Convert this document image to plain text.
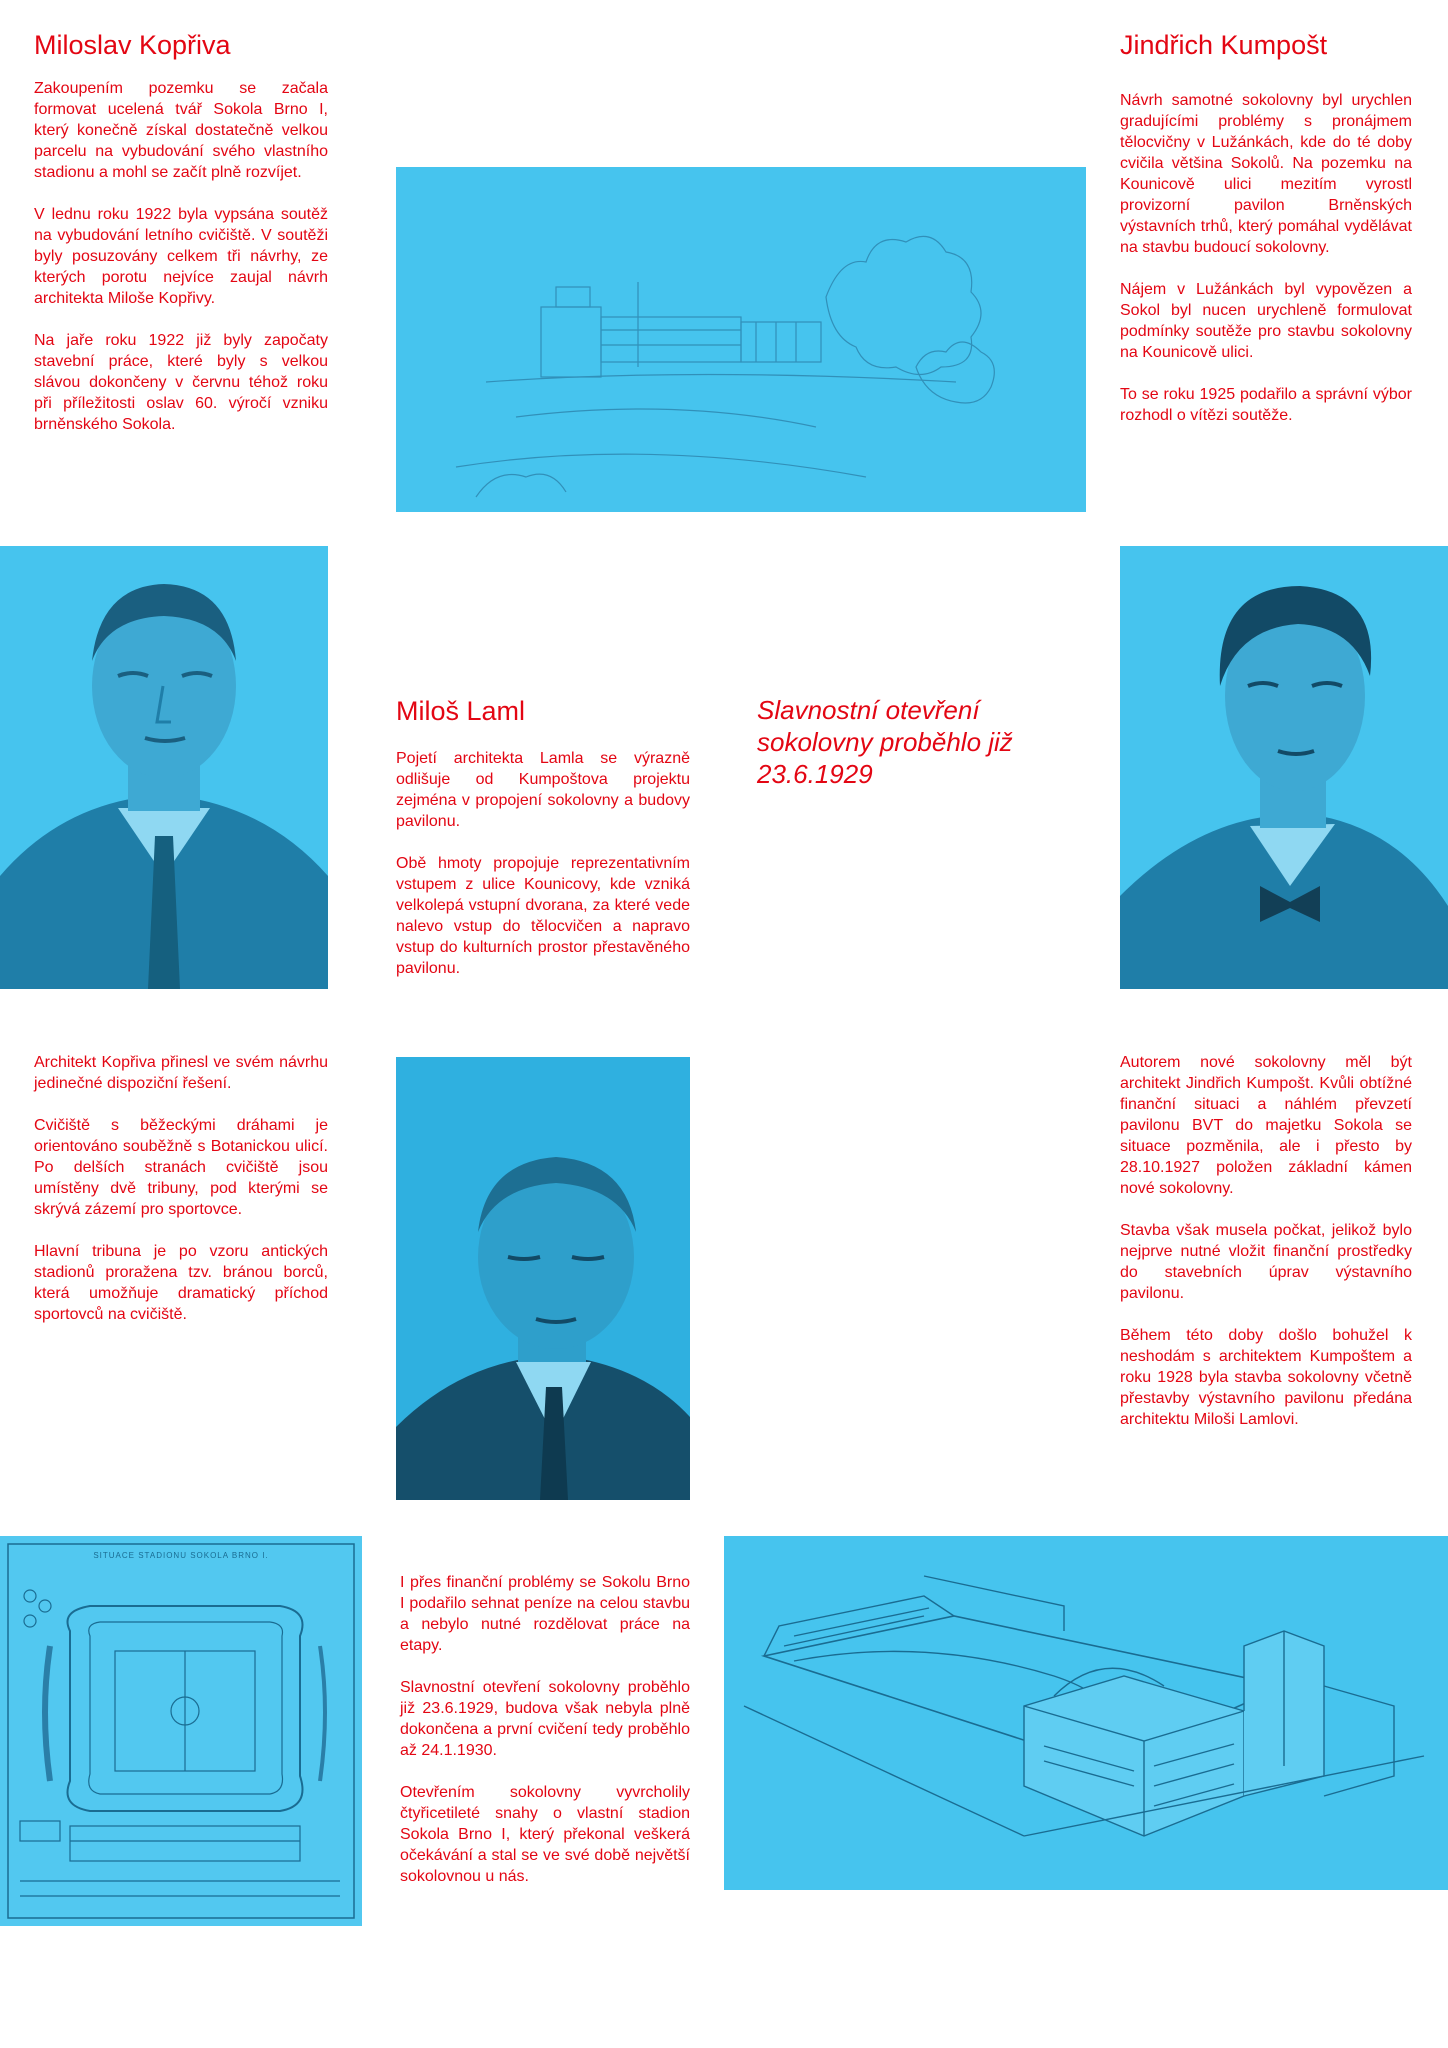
Miloslav Kopřiva

Zakoupením pozemku se začala formovat ucelená tvář Sokola Brno I, který konečně získal dostatečně velkou parcelu na vybudování svého vlastního stadionu a mohl se začít plně rozvíjet.

V lednu roku 1922 byla vypsána soutěž na vybudování letního cvičiště. V soutěži byly posuzovány celkem tři návrhy, ze kterých porotu nejvíce zaujal návrh architekta Miloše Kopřivy.

Na jaře roku 1922 již byly započaty stavební práce, které byly s velkou slávou dokončeny v červnu téhož roku při příležitosti oslav 60. výročí vzniku brněnského Sokola.

Jindřich Kumpošt

Návrh samotné sokolovny byl urychlen gradujícími problémy s pronájmem tělocvičny v Lužánkách, kde do té doby cvičila většina Sokolů. Na pozemku na Kounicově ulici mezitím vyrostl provizorní pavilon Brněnských výstavních trhů, který pomáhal vydělávat na stavbu budoucí sokolovny.

Nájem v Lužánkách byl vypovězen a Sokol byl nucen urychleně formulovat podmínky soutěže pro stavbu sokolovny na Kounicově ulici.

To se roku 1925 podařilo a správní výbor rozhodl o vítězi soutěže.

Miloš Laml

Pojetí architekta Lamla se výrazně odlišuje od Kumpoštova projektu zejména v propojení sokolovny a budovy pavilonu.

Obě hmoty propojuje reprezentativním vstupem z ulice Kounicovy, kde vzniká velkolepá vstupní dvorana, za které vede nalevo vstup do tělocvičen a napravo vstup do kulturních prostor přestavěného pavilonu.

Slavnostní otevření sokolovny proběhlo již 23.6.1929

Architekt Kopřiva přinesl ve svém návrhu jedinečné dispoziční řešení.

Cvičiště s běžeckými dráhami je orientováno souběžně s Botanickou ulicí. Po delších stranách cvičiště jsou umístěny dvě tribuny, pod kterými se skrývá zázemí pro sportovce.

Hlavní tribuna je po vzoru antických stadionů proražena tzv. bránou borců, která umožňuje dramatický příchod sportovců na cvičiště.

Autorem nové sokolovny měl být architekt Jindřich Kumpošt. Kvůli obtížné finanční situaci a náhlém převzetí pavilonu BVT do majetku Sokola se situace pozměnila, ale i přesto by 28.10.1927 položen základní kámen nové sokolovny.

Stavba však musela počkat, jelikož bylo nejprve nutné vložit finanční prostředky do stavebních úprav výstavního pavilonu.

Během této doby došlo bohužel k neshodám s architektem Kumpoštem a roku 1928 byla stavba sokolovny včetně přestavby výstavního pavilonu předána architektu Miloši Lamlovi.

SITUACE STADIONU SOKOLA BRNO I.

I přes finanční problémy se Sokolu Brno I podařilo sehnat peníze na celou stavbu a nebylo nutné rozdělovat práce na etapy.

Slavnostní otevření sokolovny proběhlo již 23.6.1929, budova však nebyla plně dokončena a první cvičení tedy proběhlo až 24.1.1930.

Otevřením sokolovny vyvrcholily čtyřicetileté snahy o vlastní stadion Sokola Brno I, který překonal veškerá očekávání a stal se ve své době největší sokolovnou u nás.
